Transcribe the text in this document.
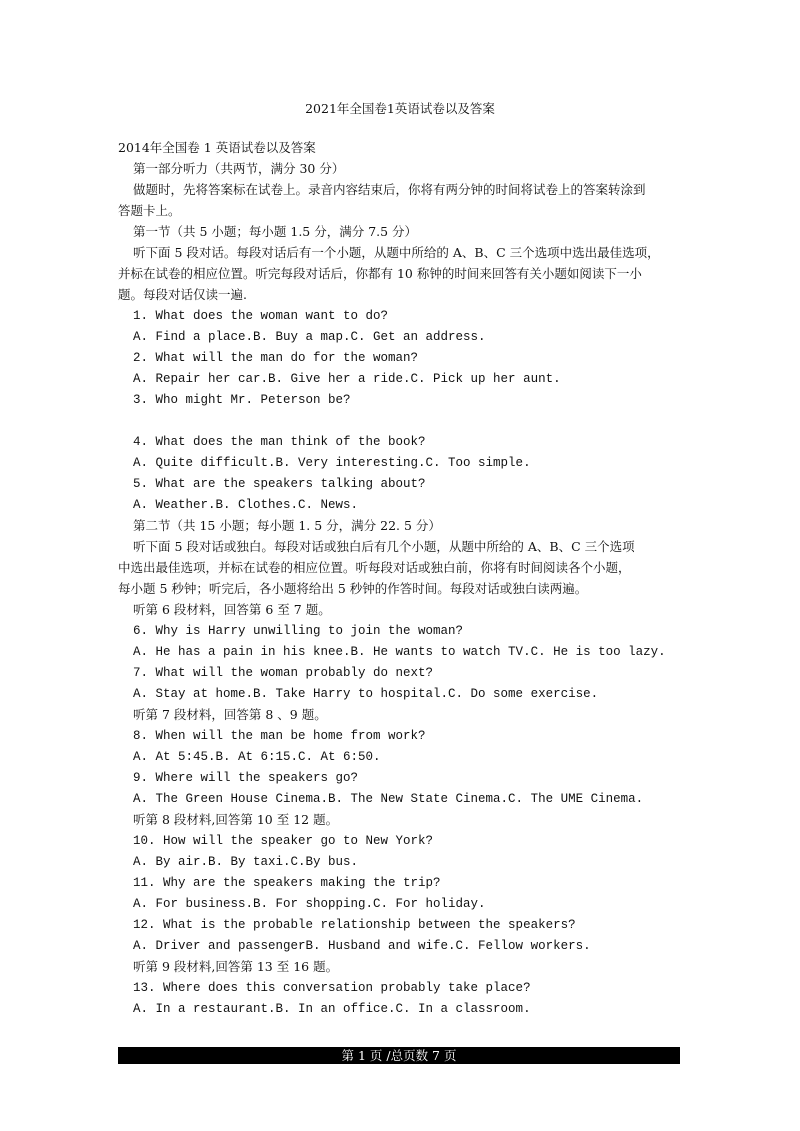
2021年全国卷1英语试卷以及答案
2014年全国卷 1 英语试卷以及答案
第一部分听力（共两节，满分 30 分）
做题时，先将答案标在试卷上。录音内容结束后，你将有两分钟的时间将试卷上的答案转涂到
答题卡上。
第一节（共 5 小题；每小题 1.5 分，满分 7.5 分）
听下面 5 段对话。每段对话后有一个小题，从题中所给的 A、B、C 三个选项中选出最佳选项，
并标在试卷的相应位置。听完每段对话后，你都有 10 称钟的时间来回答有关小题如阅读下一小
题。每段对话仅读一遍.
1. What does the woman want to do?
A. Find a place.B. Buy a map.C. Get an address.
2. What will the man do for the woman?
A. Repair her car.B. Give her a ride.C. Pick up her aunt.
3. Who might Mr. Peterson be?
4. What does the man think of the book?
A. Quite difficult.B. Very interesting.C. Too simple.
5. What are the speakers talking about?
A. Weather.B. Clothes.C. News.
第二节（共 15 小题；每小题 1. 5 分，满分 22. 5 分）
听下面 5 段对话或独白。每段对话或独白后有几个小题，从题中所给的 A、B、C 三个选项
中选出最佳选项，并标在试卷的相应位置。听每段对话或独白前，你将有时间阅读各个小题，
每小题 5 秒钟；听完后，各小题将给出 5 秒钟的作答时间。每段对话或独白读两遍。
听第 6 段材料，回答第 6 至 7 题。
6. Why is Harry unwilling to join the woman?
A. He has a pain in his knee.B. He wants to watch TV.C. He is too lazy.
7. What will the woman probably do next?
A. Stay at home.B. Take Harry to hospital.C. Do some exercise.
听第 7 段材料，回答第 8 、9 题。
8. When will the man be home from work?
A. At 5:45.B. At 6:15.C. At 6:50.
9. Where will the speakers go?
A. The Green House Cinema.B. The New State Cinema.C. The UME Cinema.
听第 8 段材料,回答第 10 至 12 题。
10. How will the speaker go to New York?
A. By air.B. By taxi.C.By bus.
11. Why are the speakers making the trip?
A. For business.B. For shopping.C. For holiday.
12. What is the probable relationship between the speakers?
A. Driver and passengerB. Husband and wife.C. Fellow workers.
听第 9 段材料,回答第 13 至 16 题。
13. Where does this conversation probably take place?
A. In a restaurant.B. In an office.C. In a classroom.
第 1 页 /总页数 7 页
